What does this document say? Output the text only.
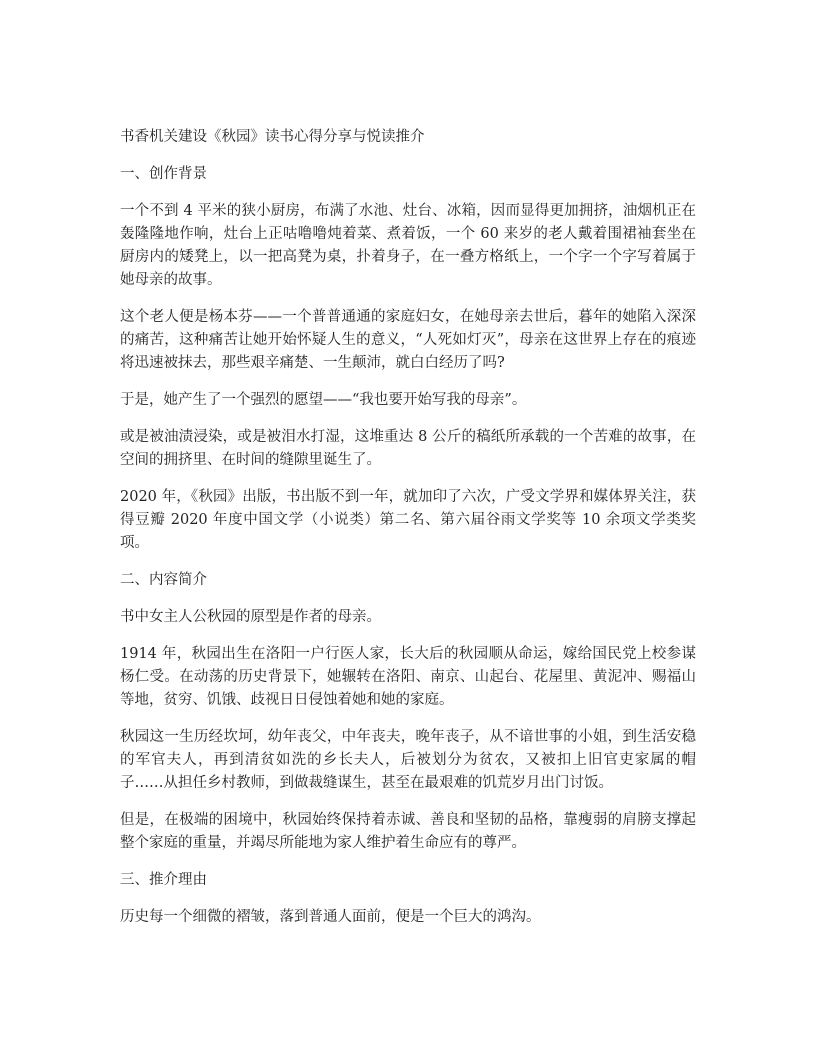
书香机关建设《秋园》读书心得分享与悦读推介

一、创作背景

一个不到 4 平米的狭小厨房，布满了水池、灶台、冰箱，因而显得更加拥挤，油烟机正在轰隆隆地作响，灶台上正咕噜噜炖着菜、煮着饭，一个 60 来岁的老人戴着围裙袖套坐在厨房内的矮凳上，以一把高凳为桌，扑着身子，在一叠方格纸上，一个字一个字写着属于她母亲的故事。

这个老人便是杨本芬——一个普普通通的家庭妇女，在她母亲去世后，暮年的她陷入深深的痛苦，这种痛苦让她开始怀疑人生的意义，“人死如灯灭”，母亲在这世界上存在的痕迹将迅速被抹去，那些艰辛痛楚、一生颠沛，就白白经历了吗?

于是，她产生了一个强烈的愿望——“我也要开始写我的母亲”。

或是被油渍浸染，或是被泪水打湿，这堆重达 8 公斤的稿纸所承载的一个苦难的故事，在空间的拥挤里、在时间的缝隙里诞生了。

2020 年，《秋园》出版，书出版不到一年，就加印了六次，广受文学界和媒体界关注，获得豆瓣 2020 年度中国文学（小说类）第二名、第六届谷雨文学奖等 10 余项文学类奖项。

二、内容简介

书中女主人公秋园的原型是作者的母亲。

1914 年，秋园出生在洛阳一户行医人家，长大后的秋园顺从命运，嫁给国民党上校参谋杨仁受。在动荡的历史背景下，她辗转在洛阳、南京、山起台、花屋里、黄泥冲、赐福山等地，贫穷、饥饿、歧视日日侵蚀着她和她的家庭。

秋园这一生历经坎坷，幼年丧父，中年丧夫，晚年丧子，从不谙世事的小姐，到生活安稳的军官夫人，再到清贫如洗的乡长夫人，后被划分为贫农，又被扣上旧官吏家属的帽子……从担任乡村教师，到做裁缝谋生，甚至在最艰难的饥荒岁月出门讨饭。

但是，在极端的困境中，秋园始终保持着赤诚、善良和坚韧的品格，靠瘦弱的肩膀支撑起整个家庭的重量，并竭尽所能地为家人维护着生命应有的尊严。

三、推介理由

历史每一个细微的褶皱，落到普通人面前，便是一个巨大的鸿沟。
